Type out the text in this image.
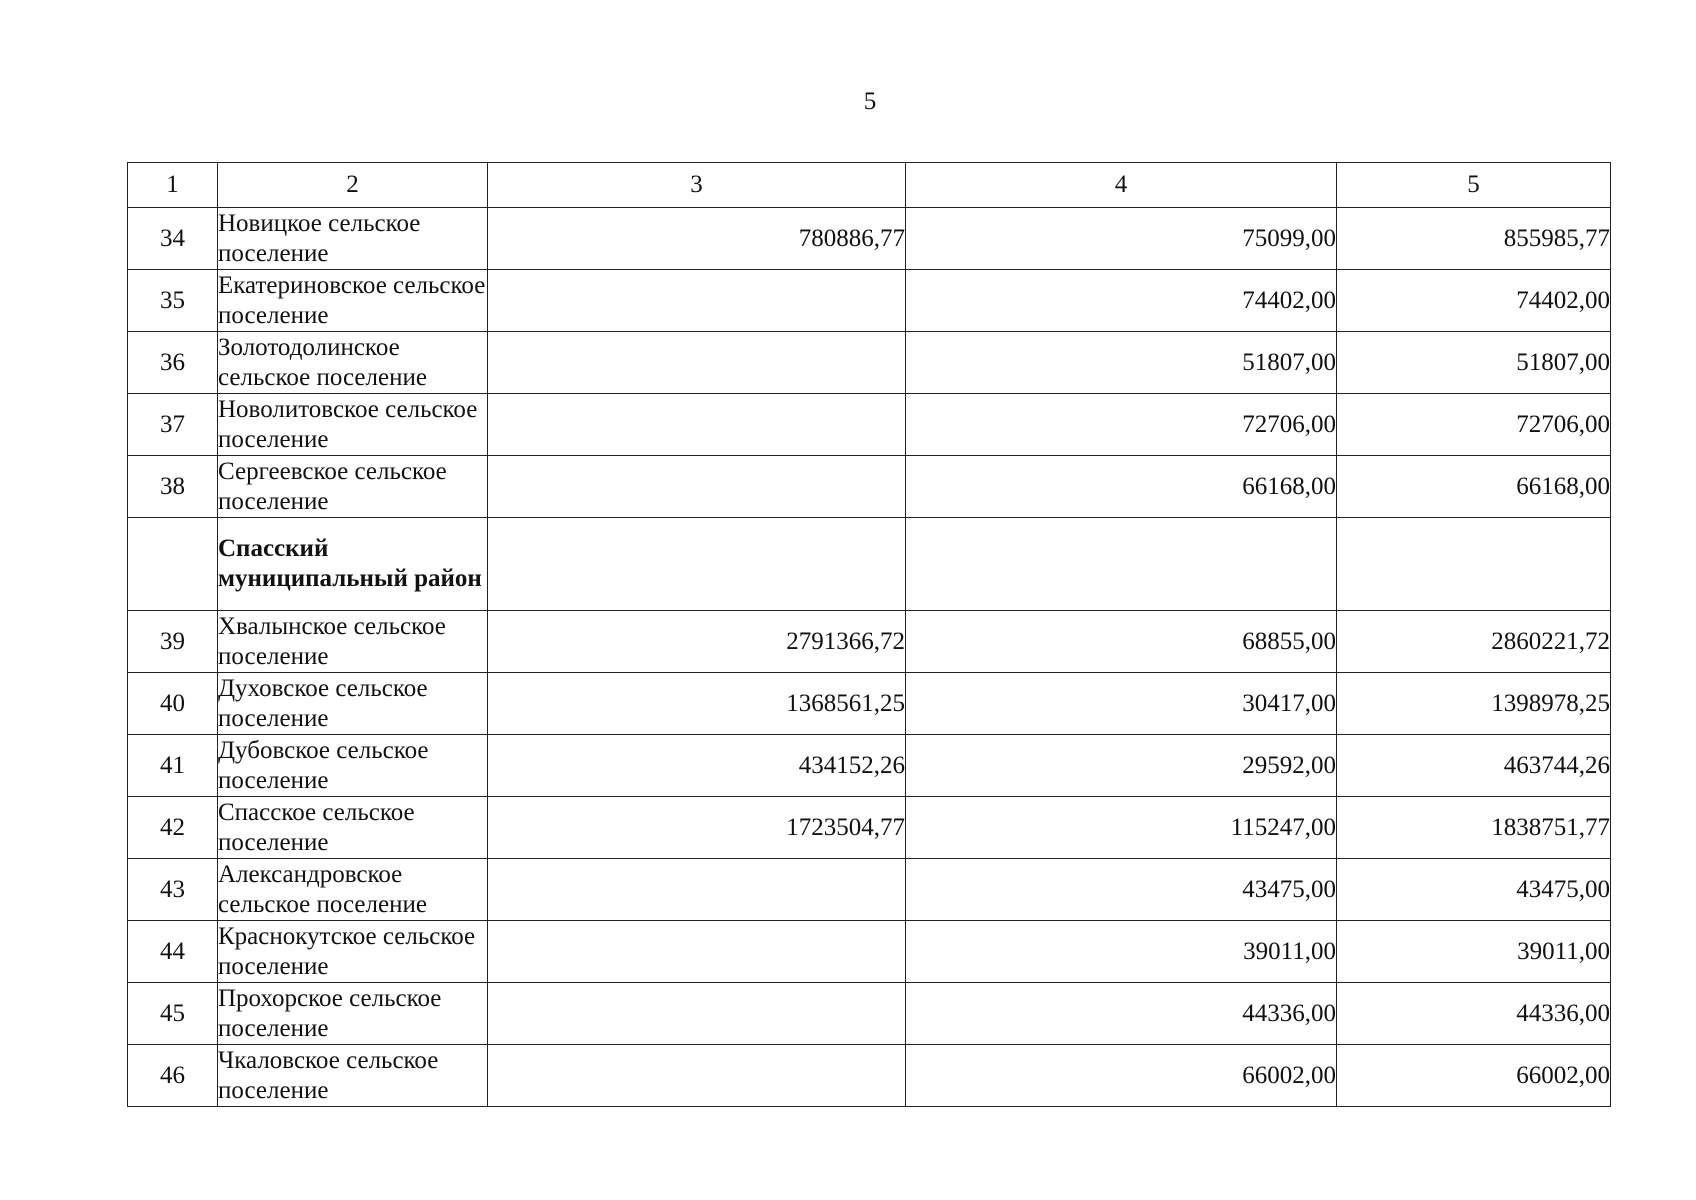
5
1	2	3	4	5
34	Новицкое сельское поселение	780886,77	75099,00	855985,77
35	Екатериновское сельское поселение		74402,00	74402,00
36	Золотодолинское сельское поселение		51807,00	51807,00
37	Новолитовское сельское поселение		72706,00	72706,00
38	Сергеевское сельское поселение		66168,00	66168,00
	Спасский муниципальный район			
39	Хвалынское сельское поселение	2791366,72	68855,00	2860221,72
40	Духовское сельское поселение	1368561,25	30417,00	1398978,25
41	Дубовское сельское поселение	434152,26	29592,00	463744,26
42	Спасское сельское поселение	1723504,77	115247,00	1838751,77
43	Александровское сельское поселение		43475,00	43475,00
44	Краснокутское сельское поселение		39011,00	39011,00
45	Прохорское сельское поселение		44336,00	44336,00
46	Чкаловское сельское поселение		66002,00	66002,00
